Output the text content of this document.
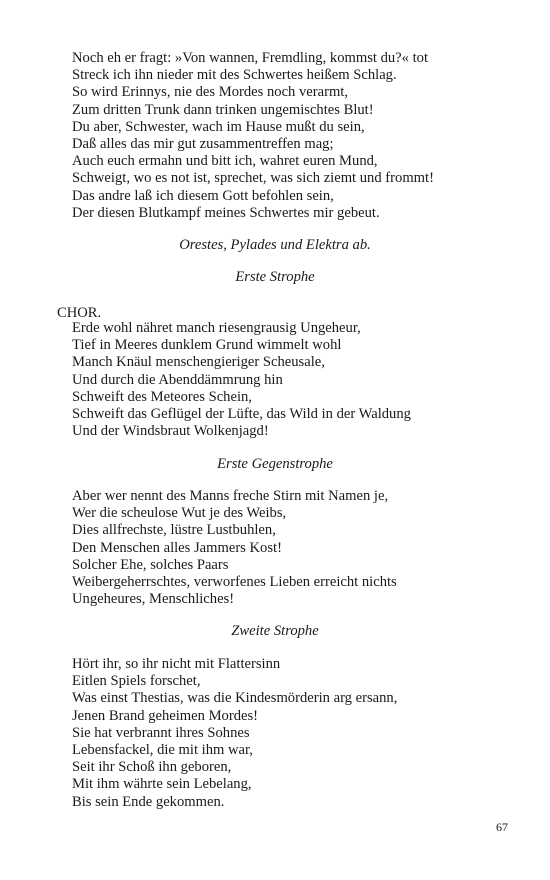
Noch eh er fragt: »Von wannen, Fremdling, kommst du?« tot
Streck ich ihn nieder mit des Schwertes heißem Schlag.
So wird Erinnys, nie des Mordes noch verarmt,
Zum dritten Trunk dann trinken ungemischtes Blut!
Du aber, Schwester, wach im Hause mußt du sein,
Daß alles das mir gut zusammentreffen mag;
Auch euch ermahn und bitt ich, wahret euren Mund,
Schweigt, wo es not ist, sprechet, was sich ziemt und frommt!
Das andre laß ich diesem Gott befohlen sein,
Der diesen Blutkampf meines Schwertes mir gebeut.
Orestes, Pylades und Elektra ab.
Erste Strophe
CHOR.
Erde wohl nähret manch riesengrausig Ungeheur,
Tief in Meeres dunklem Grund wimmelt wohl
Manch Knäul menschengieriger Scheusale,
Und durch die Abenddämmrung hin
Schweift des Meteores Schein,
Schweift das Geflügel der Lüfte, das Wild in der Waldung
Und der Windsbraut Wolkenjagd!
Erste Gegenstrophe
Aber wer nennt des Manns freche Stirn mit Namen je,
Wer die scheulose Wut je des Weibs,
Dies allfrechste, lüstre Lustbuhlen,
Den Menschen alles Jammers Kost!
Solcher Ehe, solches Paars
Weibergeherrschtes, verworfenes Lieben erreicht nichts
Ungeheures, Menschliches!
Zweite Strophe
Hört ihr, so ihr nicht mit Flattersinn
Eitlen Spiels forschet,
Was einst Thestias, was die Kindesmörderin arg ersann,
Jenen Brand geheimen Mordes!
Sie hat verbrannt ihres Sohnes
Lebensfackel, die mit ihm war,
Seit ihr Schoß ihn geboren,
Mit ihm währte sein Lebelang,
Bis sein Ende gekommen.
67
